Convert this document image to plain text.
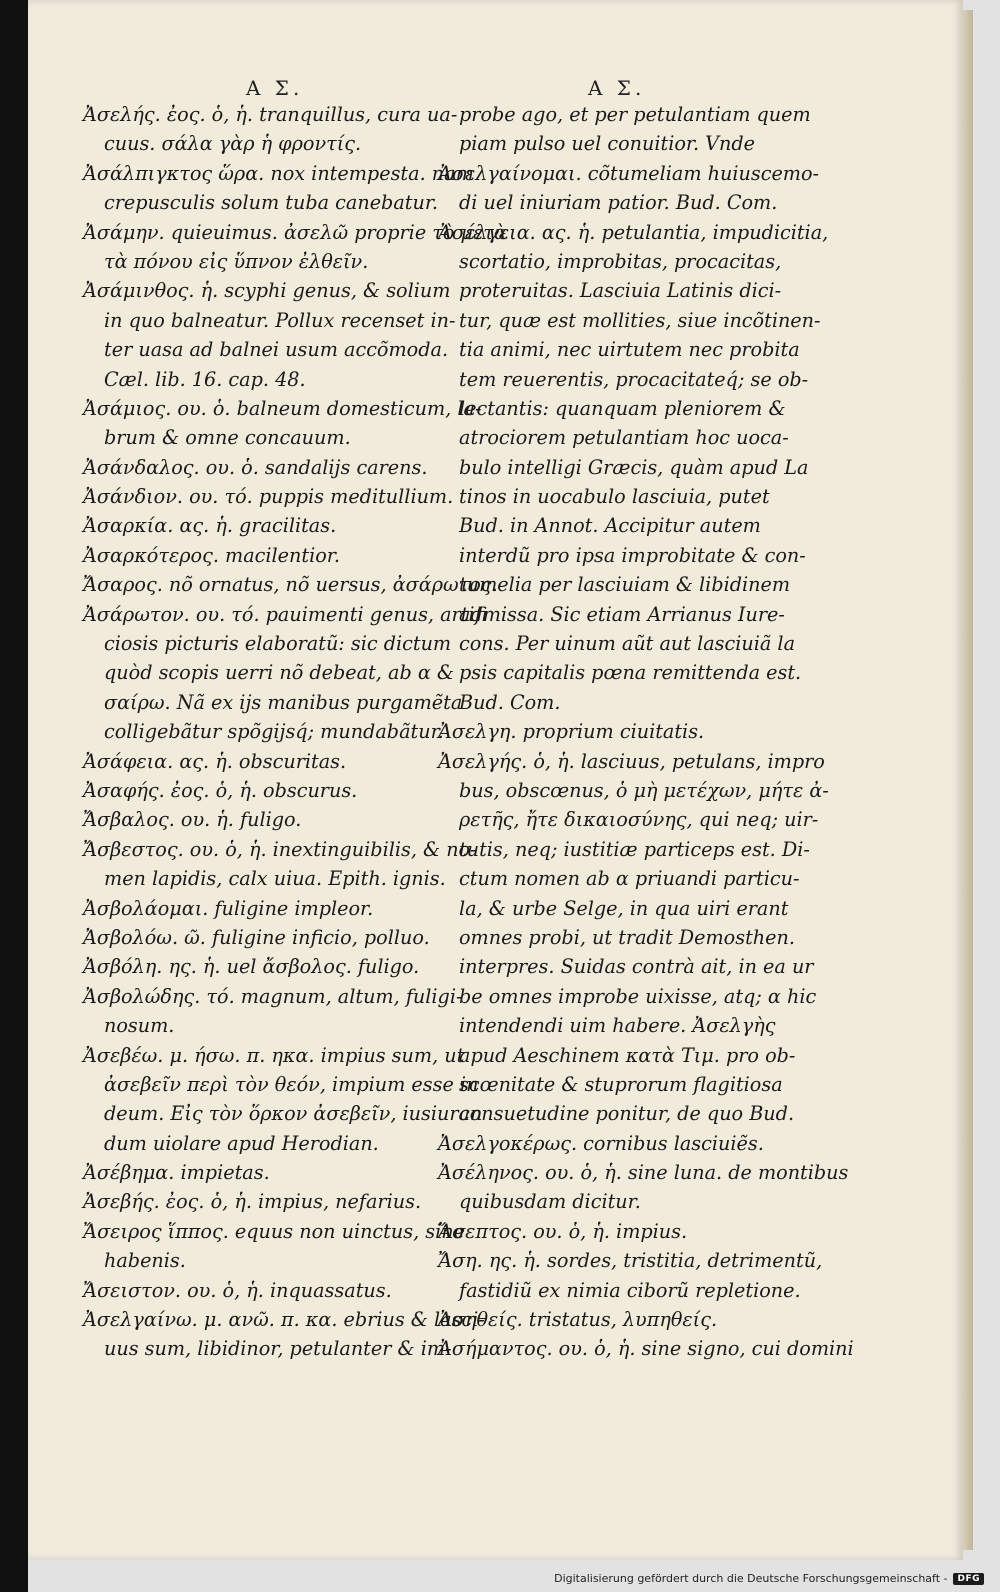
Α Σ.	Α Σ.
Ἀσελής. ἐος. ὁ, ἡ. tranquillus, cura ua-
cuus. σάλα γὰρ ἡ φροντίς.
Ἀσάλπιγκτος ὥρα. nox intempesta. nam
crepusculis solum tuba canebatur.
Ἀσάμην. quieuimus. ἀσελῶ proprie τὸ μετὰ
τὰ πόνου εἰς ὕπνον ἐλθεῖν.
Ἀσάμινθος. ἡ. scyphi genus, & solium
in quo balneatur. Pollux recenset in-
ter uasa ad balnei usum accõmoda.
Cæl. lib. 16. cap. 48.
Ἀσάμιος. ου. ὁ. balneum domesticum, la-
brum & omne concauum.
Ἀσάνδαλος. ου. ὁ. sandalijs carens.
Ἀσάνδιον. ου. τό. puppis meditullium.
Ἀσαρκία. ας. ἡ. gracilitas.
Ἀσαρκότερος. macilentior.
Ἄσαρος. nõ ornatus, nõ uersus, ἀσάρωτος.
Ἀσάρωτον. ου. τό. pauimenti genus, artifi
ciosis picturis elaboratũ: sic dictum
quòd scopis uerri nõ debeat, ab α &
σαίρω. Nã ex ijs manibus purgamẽta
colligebãtur spõgijsq́; mundabãtur.
Ἀσάφεια. ας. ἡ. obscuritas.
Ἀσαφής. ἐος. ὁ, ἡ. obscurus.
Ἄσβαλος. ου. ἡ. fuligo.
Ἄσβεστος. ου. ὁ, ἡ. inextinguibilis, & no-
men lapidis, calx uiua. Epith. ignis.
Ἀσβολάομαι. fuligine impleor.
Ἀσβολόω. ῶ. fuligine inficio, polluo.
Ἀσβόλη. ης. ἡ. uel ἄσβολος. fuligo.
Ἀσβολώδης. τό. magnum, altum, fuligi-
nosum.
Ἀσεβέω. μ. ήσω. π. ηκα. impius sum, ut
ἀσεβεῖν περὶ τὸν θεόν, impium esse in
deum. Εἰς τὸν ὅρκον ἀσεβεῖν, iusiuran
dum uiolare apud Herodian.
Ἀσέβημα. impietas.
Ἀσεβής. ἐος. ὁ, ἡ. impius, nefarius.
Ἄσειρος ἵππος. equus non uinctus, sine
habenis.
Ἄσειστον. ου. ὁ, ἡ. inquassatus.
Ἀσελγαίνω. μ. ανῶ. π. κα. ebrius & lasci-
uus sum, libidinor, petulanter & im-
probe ago, et per petulantiam quem
piam pulso uel conuitior. Vnde
Ἀσελγαίνομαι. cõtumeliam huiuscemo-
di uel iniuriam patior. Bud. Com.
Ἀσέλγεια. ας. ἡ. petulantia, impudicitia,
scortatio, improbitas, procacitas,
proteruitas. Lasciuia Latinis dici-
tur, quæ est mollities, siue incõtinen-
tia animi, nec uirtutem nec probita
tem reuerentis, procacitateq́; se ob-
lectantis: quanquam pleniorem &
atrociorem petulantiam hoc uoca-
bulo intelligi Græcis, quàm apud La
tinos in uocabulo lasciuia, putet
Bud. in Annot. Accipitur autem
interdũ pro ipsa improbitate & con-
tumelia per lasciuiam & libidinem
admissa. Sic etiam Arrianus Iure-
cons. Per uinum aũt aut lasciuiã la
psis capitalis pœna remittenda est.
Bud. Com.
Ἀσελγη. proprium ciuitatis.
Ἀσελγής. ὁ, ἡ. lasciuus, petulans, impro
bus, obscœnus, ὁ μὴ μετέχων, μήτε ἀ-
ρετῆς, ἤτε δικαιοσύνης, qui neq; uir-
tutis, neq; iustitiæ particeps est. Di-
ctum nomen ab α priuandi particu-
la, & urbe Selge, in qua uiri erant
omnes probi, ut tradit Demosthen.
interpres. Suidas contrà ait, in ea ur
be omnes improbe uixisse, atq; α hic
intendendi uim habere. Ἀσελγὴς
apud Aeschinem κατὰ Τιμ. pro ob-
scœnitate & stuprorum flagitiosa
consuetudine ponitur, de quo Bud.
Ἀσελγοκέρως. cornibus lasciuiẽs.
Ἀσέληνος. ου. ὁ, ἡ. sine luna. de montibus
quibusdam dicitur.
Ἄσεπτος. ου. ὁ, ἡ. impius.
Ἄση. ης. ἡ. sordes, tristitia, detrimentũ,
fastidiũ ex nimia ciborũ repletione.
Ἀσηθείς. tristatus, λυπηθείς.
Ἀσήμαντος. ου. ὁ, ἡ. sine signo, cui domini
Digitalisierung gefördert durch die Deutsche Forschungsgemeinschaft -	DFG
